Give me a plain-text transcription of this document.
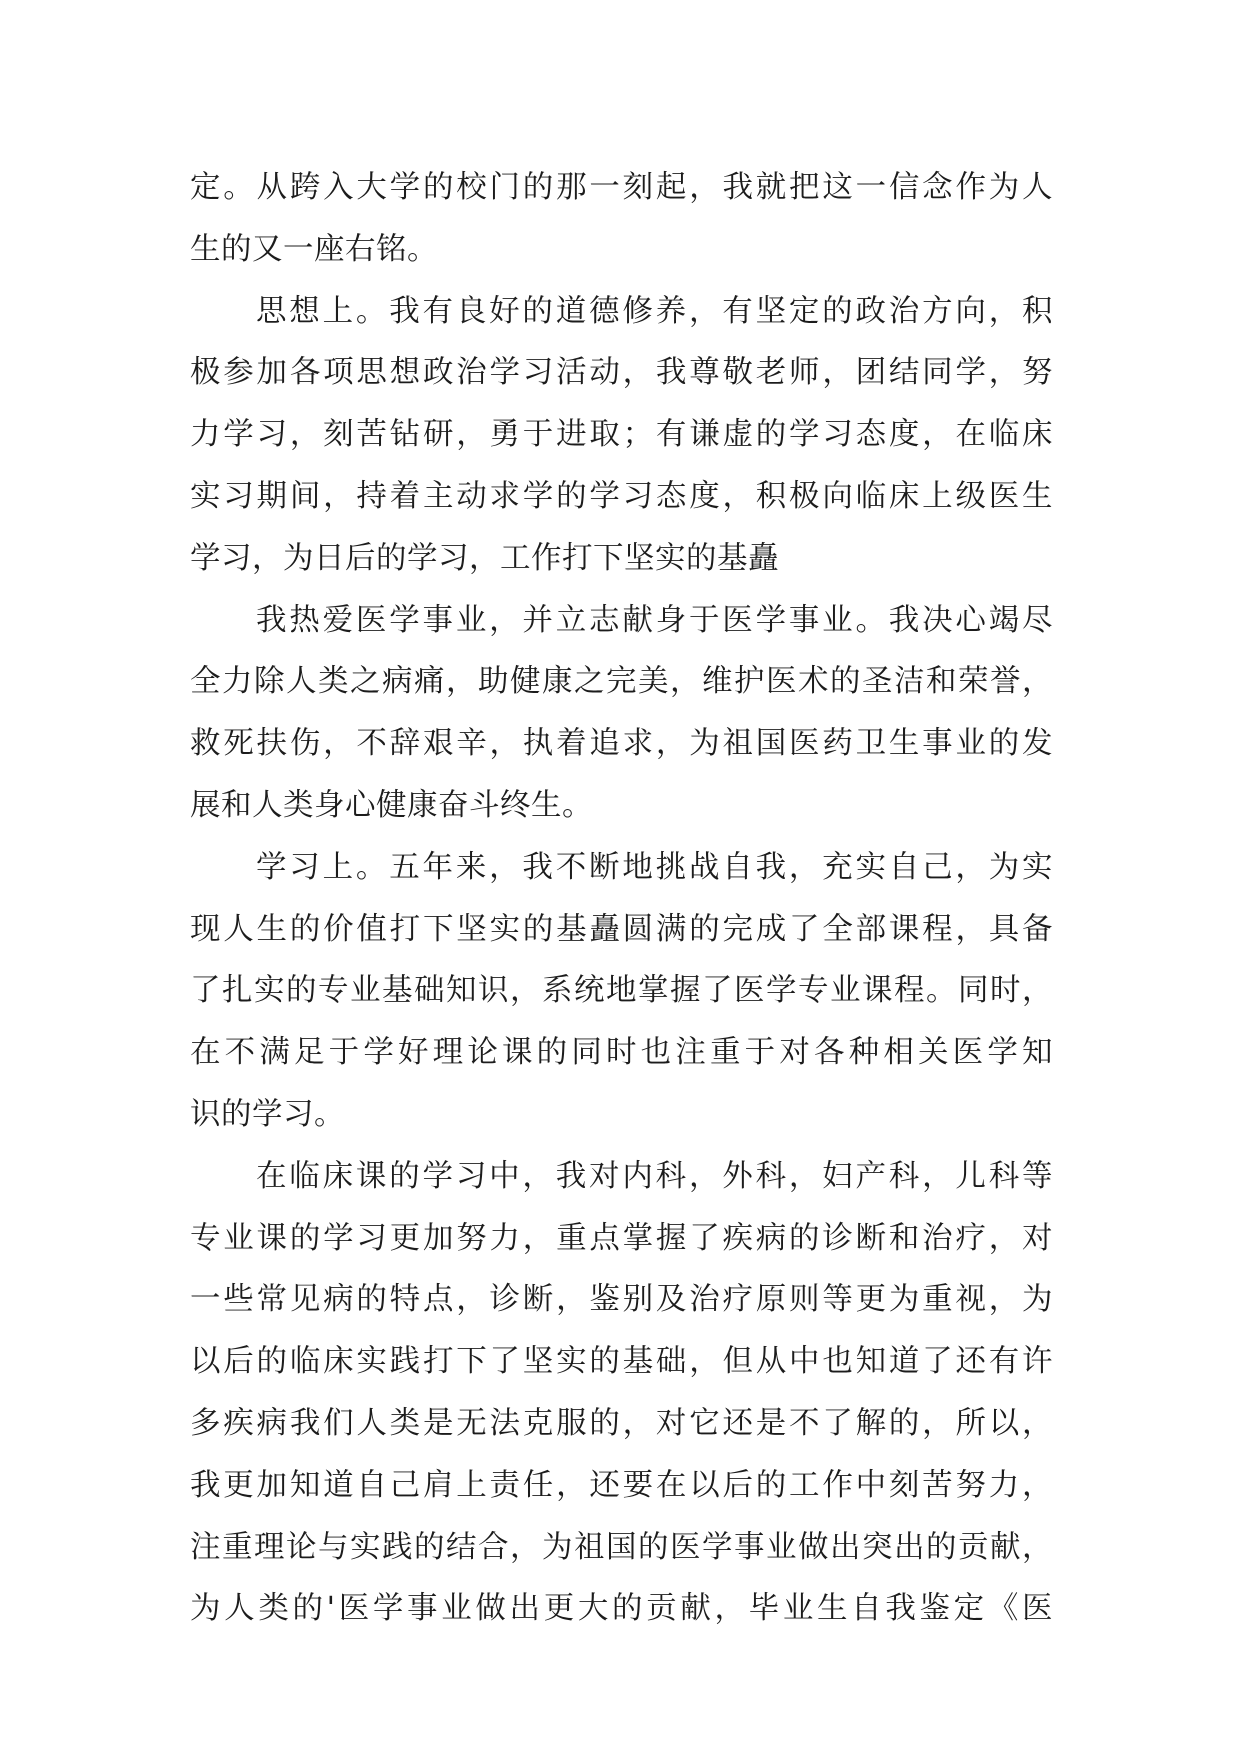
定。从跨入大学的校门的那一刻起，我就把这一信念作为人
生的又一座右铭。
思想上。我有良好的道德修养，有坚定的政治方向，积
极参加各项思想政治学习活动，我尊敬老师，团结同学，努
力学习，刻苦钻研，勇于进取；有谦虚的学习态度，在临床
实习期间，持着主动求学的学习态度，积极向临床上级医生
学习，为日后的学习，工作打下坚实的基矗
我热爱医学事业，并立志献身于医学事业。我决心竭尽
全力除人类之病痛，助健康之完美，维护医术的圣洁和荣誉，
救死扶伤，不辞艰辛，执着追求，为祖国医药卫生事业的发
展和人类身心健康奋斗终生。
学习上。五年来，我不断地挑战自我，充实自己，为实
现人生的价值打下坚实的基矗圆满的完成了全部课程，具备
了扎实的专业基础知识，系统地掌握了医学专业课程。同时，
在不满足于学好理论课的同时也注重于对各种相关医学知
识的学习。
在临床课的学习中，我对内科，外科，妇产科，儿科等
专业课的学习更加努力，重点掌握了疾病的诊断和治疗，对
一些常见病的特点，诊断，鉴别及治疗原则等更为重视，为
以后的临床实践打下了坚实的基础，但从中也知道了还有许
多疾病我们人类是无法克服的，对它还是不了解的，所以，
我更加知道自己肩上责任，还要在以后的工作中刻苦努力，
注重理论与实践的结合，为祖国的医学事业做出突出的贡献，
为人类的'医学事业做出更大的贡献，毕业生自我鉴定《医
